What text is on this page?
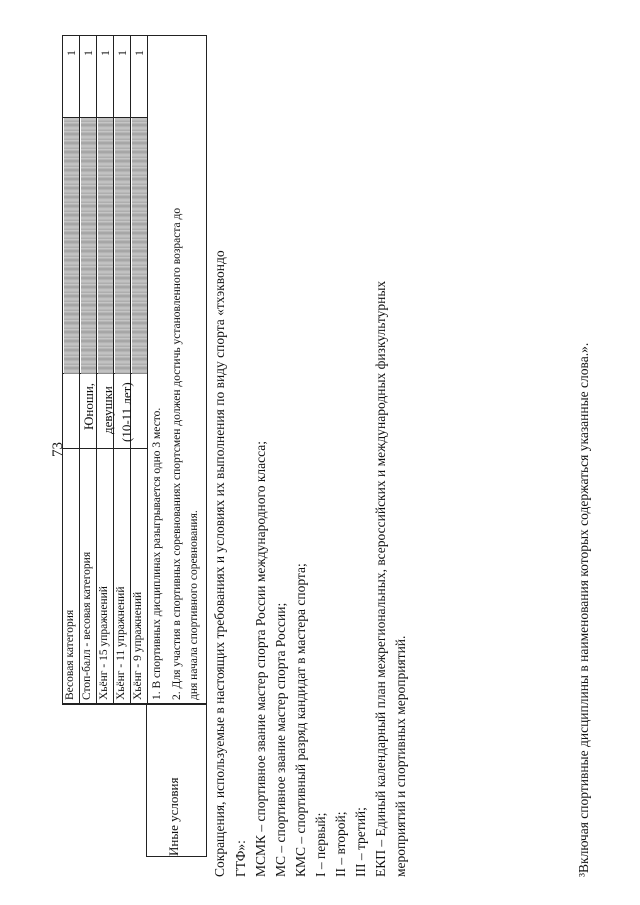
73
Весовая категория Стоп-балл - весовая категория Хьёнг - 15 упражнений Хьёнг - 11 упражнений Хьёнг - 9 упражнений
1 1 1 1 1
Юноши, девушки (10-11 лет)
Иные условия
1. В спортивных дисциплинах разыгрывается одно 3 место. 2. Для участия в спортивных соревнованиях спортсмен должен достичь установленного возраста до дня начала спортивного соревнования. Сокращения, используемые в настоящих требованиях и условиях их выполнения по виду спорта «тхэквондо ГТФ»: МСМК – спортивное звание мастер спорта России международного класса; МС – спортивное звание мастер спорта России; КМС – спортивный разряд кандидат в мастера спорта; I – первый; II – второй; III – третий; ЕКП – Единый календарный план межрегиональных, всероссийских и международных физкультурных мероприятий и спортивных мероприятий.	³Включая спортивные дисциплины в наименования которых содержаться указанные слова.».
